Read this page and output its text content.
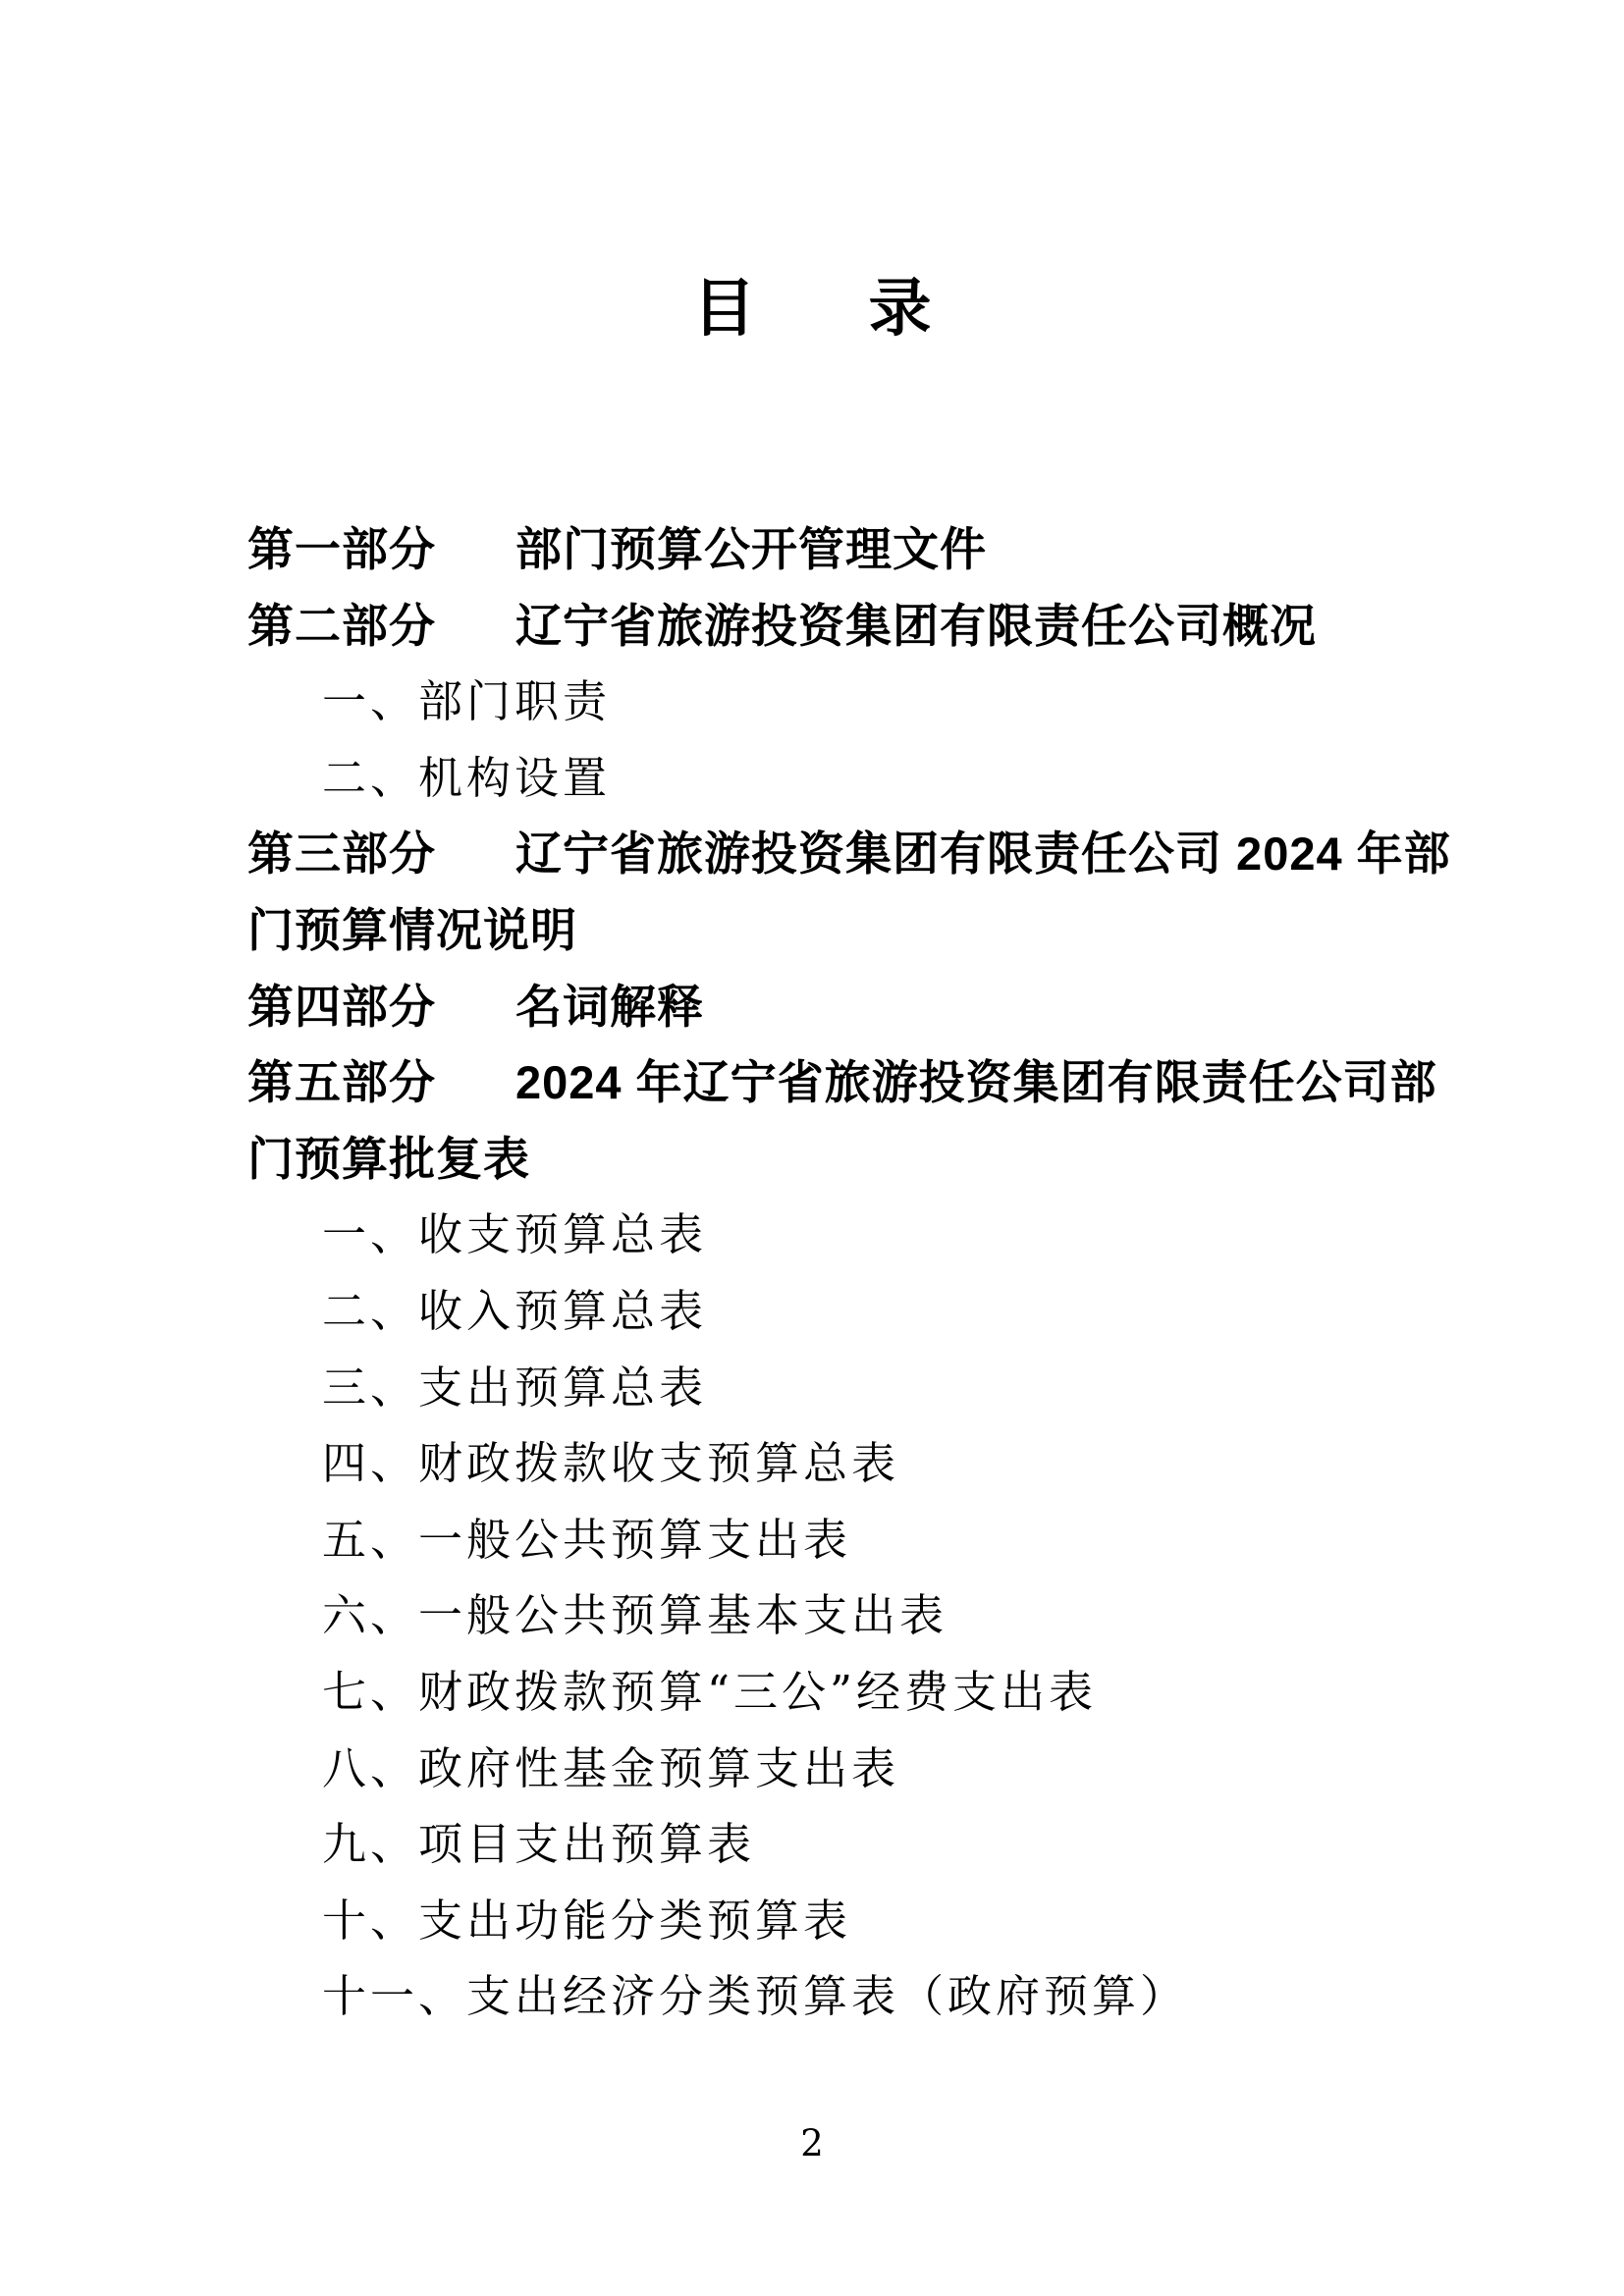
目 录
第一部分	部门预算公开管理文件
第二部分	辽宁省旅游投资集团有限责任公司概况
一、部门职责
二、机构设置
第三部分	辽宁省旅游投资集团有限责任公司 2024 年部
门预算情况说明
第四部分	名词解释
第五部分	2024 年辽宁省旅游投资集团有限责任公司部
门预算批复表
一、收支预算总表
二、收入预算总表
三、支出预算总表
四、财政拨款收支预算总表
五、一般公共预算支出表
六、一般公共预算基本支出表
七、财政拨款预算“三公”经费支出表
八、政府性基金预算支出表
九、项目支出预算表
十、支出功能分类预算表
十一、支出经济分类预算表（政府预算）
2
